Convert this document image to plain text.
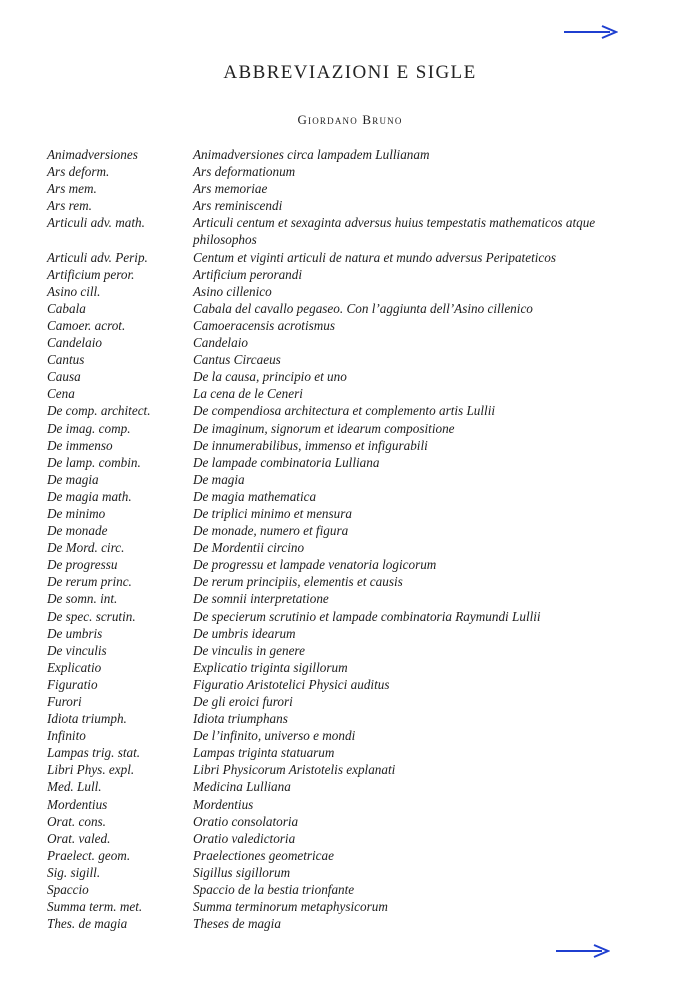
ABBREVIAZIONI E SIGLE
Giordano Bruno
Animadversiones	Animadversiones circa lampadem Lullianam
Ars deform.	Ars deformationum
Ars mem.	Ars memoriae
Ars rem.	Ars reminiscendi
Articuli adv. math.	Articuli centum et sexaginta adversus huius tempestatis mathematicos atque philosophos
Articuli adv. Perip.	Centum et viginti articuli de natura et mundo adversus Peripateticos
Artificium peror.	Artificium perorandi
Asino cill.	Asino cillenico
Cabala	Cabala del cavallo pegaseo. Con l’aggiunta dell’Asino cillenico
Camoer. acrot.	Camoeracensis acrotismus
Candelaio	Candelaio
Cantus	Cantus Circaeus
Causa	De la causa, principio et uno
Cena	La cena de le Ceneri
De comp. architect.	De compendiosa architectura et complemento artis Lullii
De imag. comp.	De imaginum, signorum et idearum compositione
De immenso	De innumerabilibus, immenso et infigurabili
De lamp. combin.	De lampade combinatoria Lulliana
De magia	De magia
De magia math.	De magia mathematica
De minimo	De triplici minimo et mensura
De monade	De monade, numero et figura
De Mord. circ.	De Mordentii circino
De progressu	De progressu et lampade venatoria logicorum
De rerum princ.	De rerum principiis, elementis et causis
De somn. int.	De somnii interpretatione
De spec. scrutin.	De specierum scrutinio et lampade combinatoria Raymundi Lullii
De umbris	De umbris idearum
De vinculis	De vinculis in genere
Explicatio	Explicatio triginta sigillorum
Figuratio	Figuratio Aristotelici Physici auditus
Furori	De gli eroici furori
Idiota triumph.	Idiota triumphans
Infinito	De l’infinito, universo e mondi
Lampas trig. stat.	Lampas triginta statuarum
Libri Phys. expl.	Libri Physicorum Aristotelis explanati
Med. Lull.	Medicina Lulliana
Mordentius	Mordentius
Orat. cons.	Oratio consolatoria
Orat. valed.	Oratio valedictoria
Praelect. geom.	Praelectiones geometricae
Sig. sigill.	Sigillus sigillorum
Spaccio	Spaccio de la bestia trionfante
Summa term. met.	Summa terminorum metaphysicorum
Thes. de magia	Theses de magia
